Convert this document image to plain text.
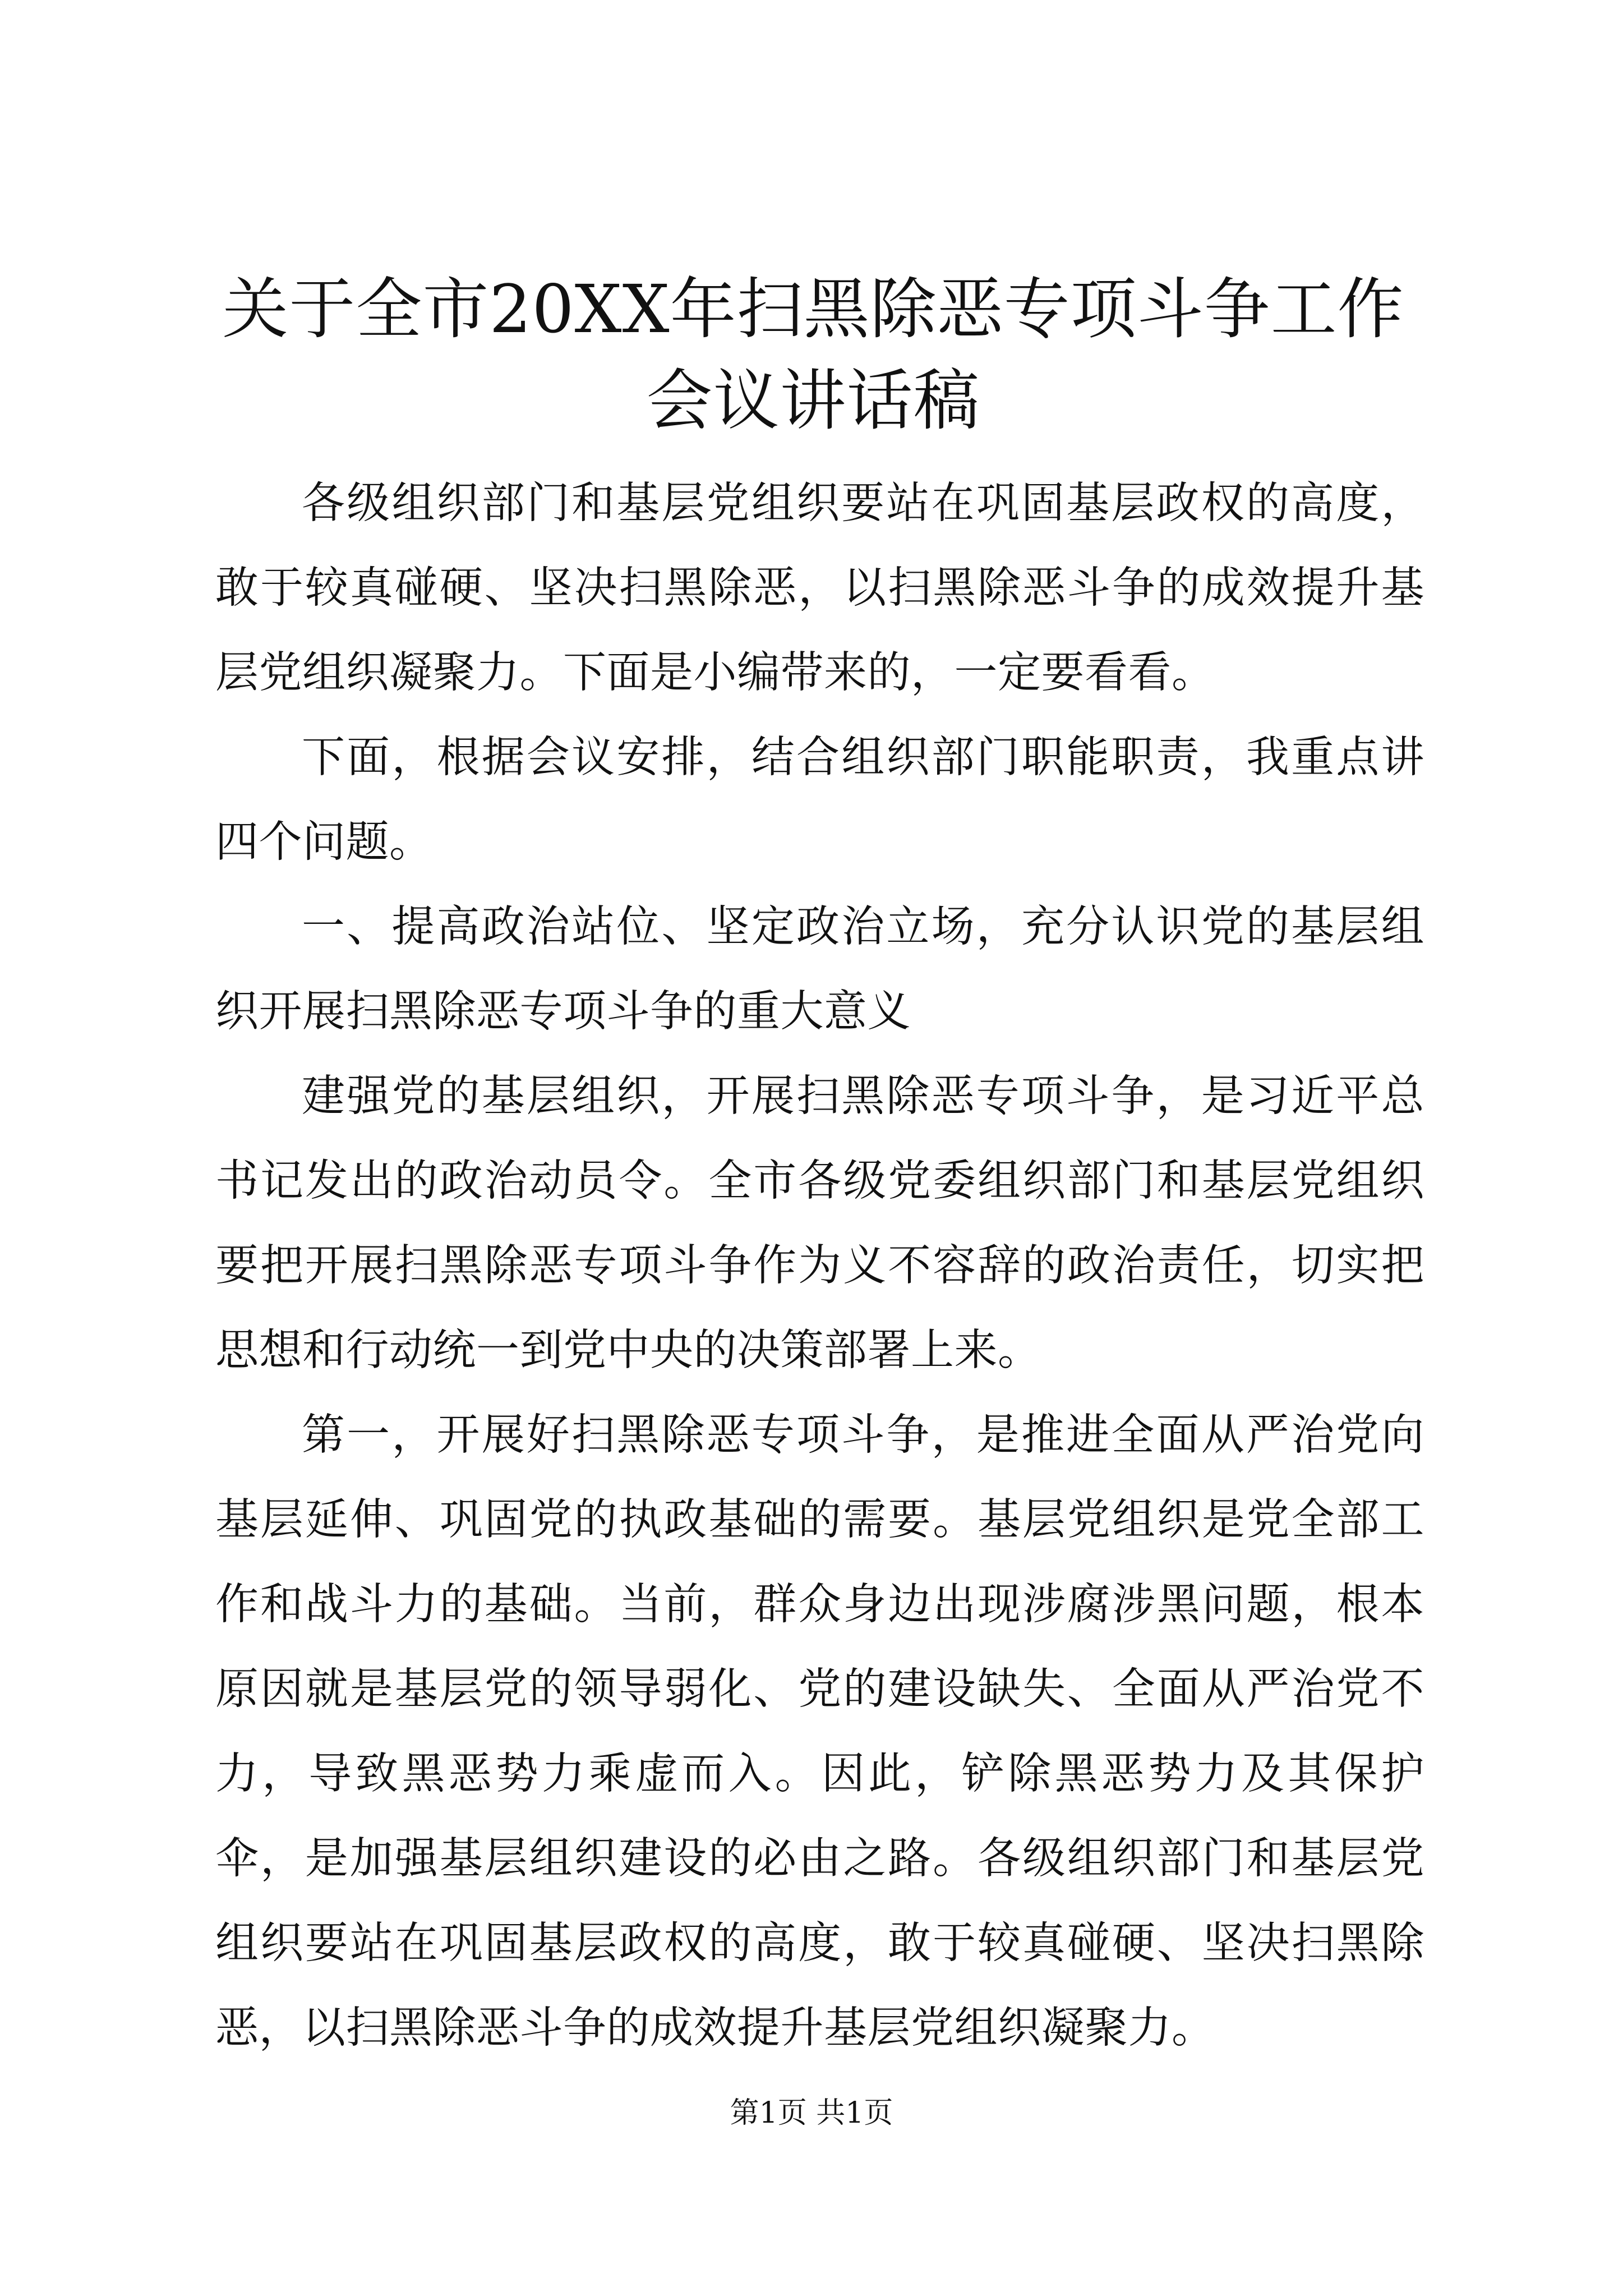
关于全市20XX年扫黑除恶专项斗争工作会议讲话稿

各级组织部门和基层党组织要站在巩固基层政权的高度，敢于较真碰硬、坚决扫黑除恶，以扫黑除恶斗争的成效提升基层党组织凝聚力。下面是小编带来的，一定要看看。

下面，根据会议安排，结合组织部门职能职责，我重点讲四个问题。

一、提高政治站位、坚定政治立场，充分认识党的基层组织开展扫黑除恶专项斗争的重大意义

建强党的基层组织，开展扫黑除恶专项斗争，是习近平总书记发出的政治动员令。全市各级党委组织部门和基层党组织要把开展扫黑除恶专项斗争作为义不容辞的政治责任，切实把思想和行动统一到党中央的决策部署上来。

第一，开展好扫黑除恶专项斗争，是推进全面从严治党向基层延伸、巩固党的执政基础的需要。基层党组织是党全部工作和战斗力的基础。当前，群众身边出现涉腐涉黑问题，根本原因就是基层党的领导弱化、党的建设缺失、全面从严治党不力，导致黑恶势力乘虚而入。因此，铲除黑恶势力及其保护伞，是加强基层组织建设的必由之路。各级组织部门和基层党组织要站在巩固基层政权的高度，敢于较真碰硬、坚决扫黑除恶，以扫黑除恶斗争的成效提升基层党组织凝聚力。

第1页 共1页
